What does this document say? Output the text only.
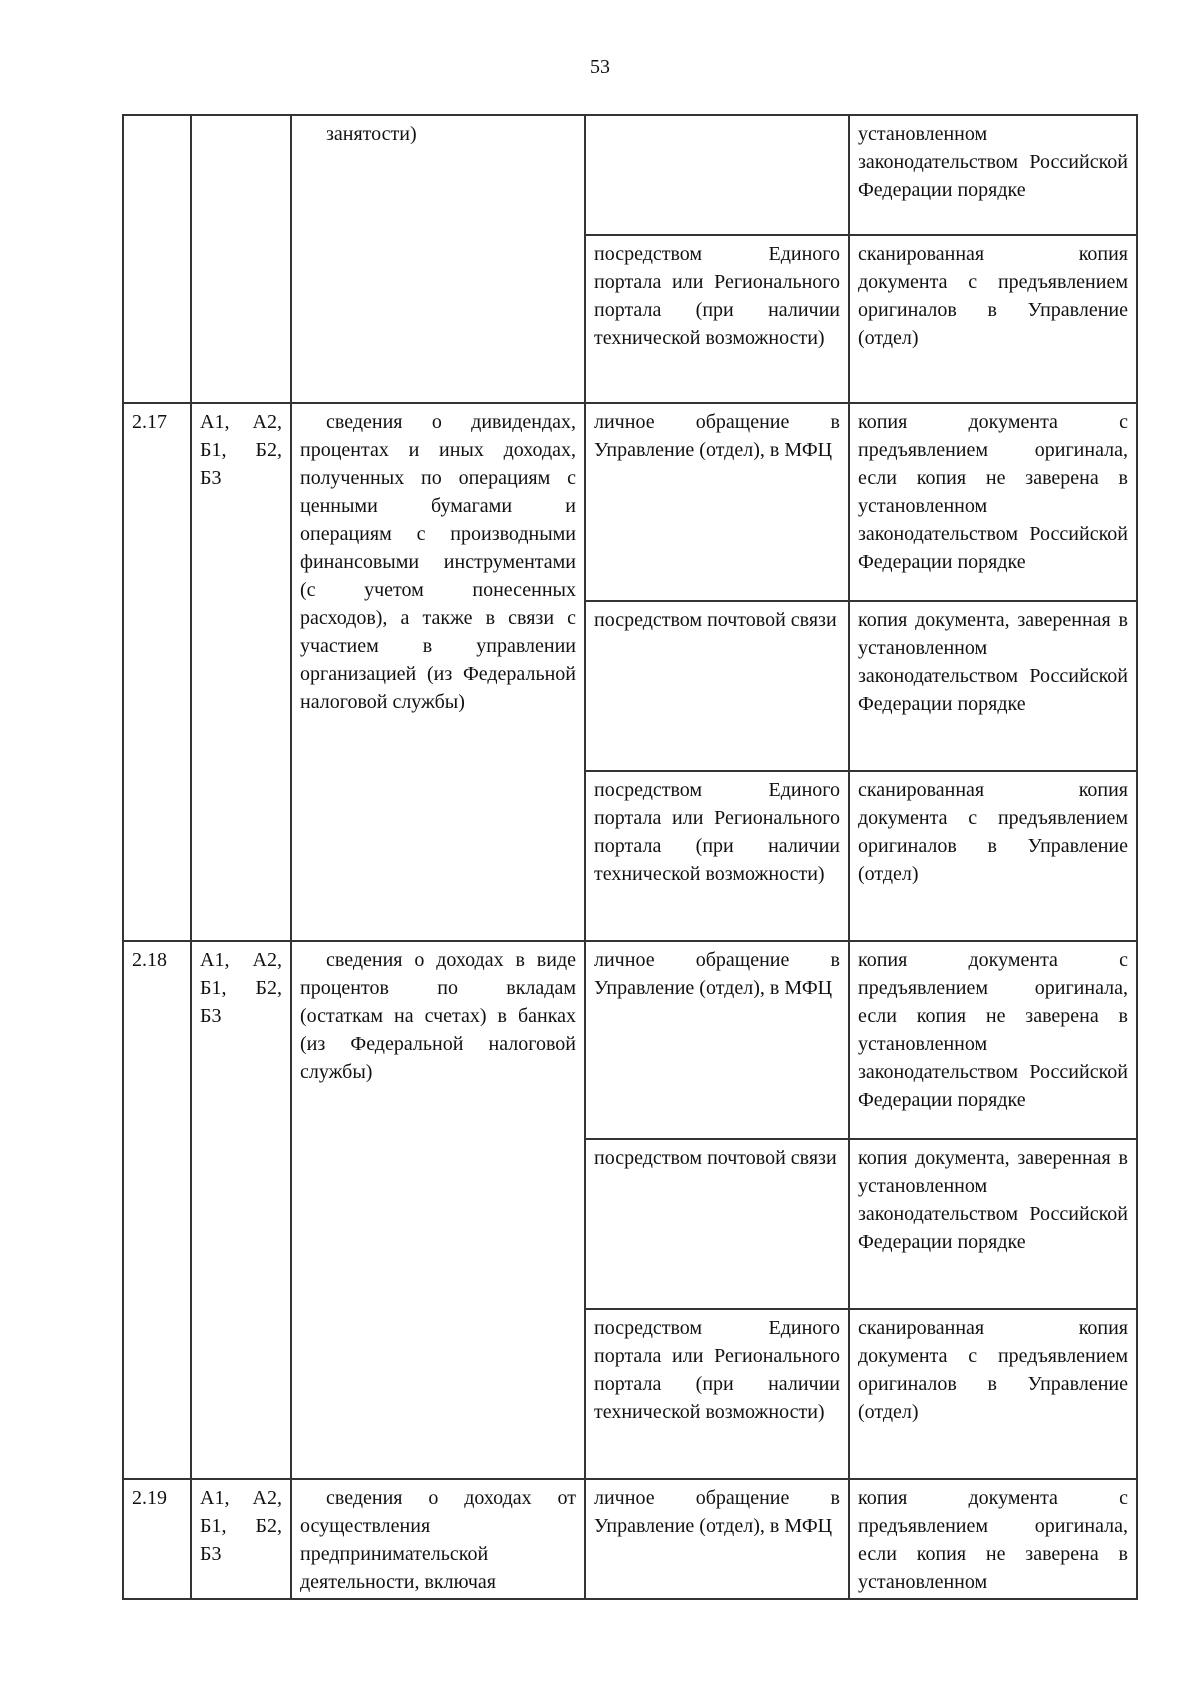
53
		занятости)		установленном законодательством Российской Федерации порядке
			посредством Единого портала или Регионального портала (при наличии технической возможности)	сканированная копия документа с предъявлением оригиналов в Управление (отдел)
2.17	А1, А2, Б1, Б2, Б3	сведения о дивидендах, процентах и иных доходах, полученных по операциям с ценными бумагами и операциям с производными финансовыми инструментами (с учетом понесенных расходов), а также в связи с участием в управлении организацией (из Федеральной налоговой службы)	личное обращение в Управление (отдел), в МФЦ	копия документа с предъявлением оригинала, если копия не заверена в установленном законодательством Российской Федерации порядке
			посредством почтовой связи	копия документа, заверенная в установленном законодательством Российской Федерации порядке
			посредством Единого портала или Регионального портала (при наличии технической возможности)	сканированная копия документа с предъявлением оригиналов в Управление (отдел)
2.18	А1, А2, Б1, Б2, Б3	сведения о доходах в виде процентов по вкладам (остаткам на счетах) в банках (из Федеральной налоговой службы)	личное обращение в Управление (отдел), в МФЦ	копия документа с предъявлением оригинала, если копия не заверена в установленном законодательством Российской Федерации порядке
			посредством почтовой связи	копия документа, заверенная в установленном законодательством Российской Федерации порядке
			посредством Единого портала или Регионального портала (при наличии технической возможности)	сканированная копия документа с предъявлением оригиналов в Управление (отдел)
2.19	А1, А2, Б1, Б2, Б3	сведения о доходах от осуществления предпринимательской деятельности, включая	личное обращение в Управление (отдел), в МФЦ	копия документа с предъявлением оригинала, если копия не заверена в установленном
